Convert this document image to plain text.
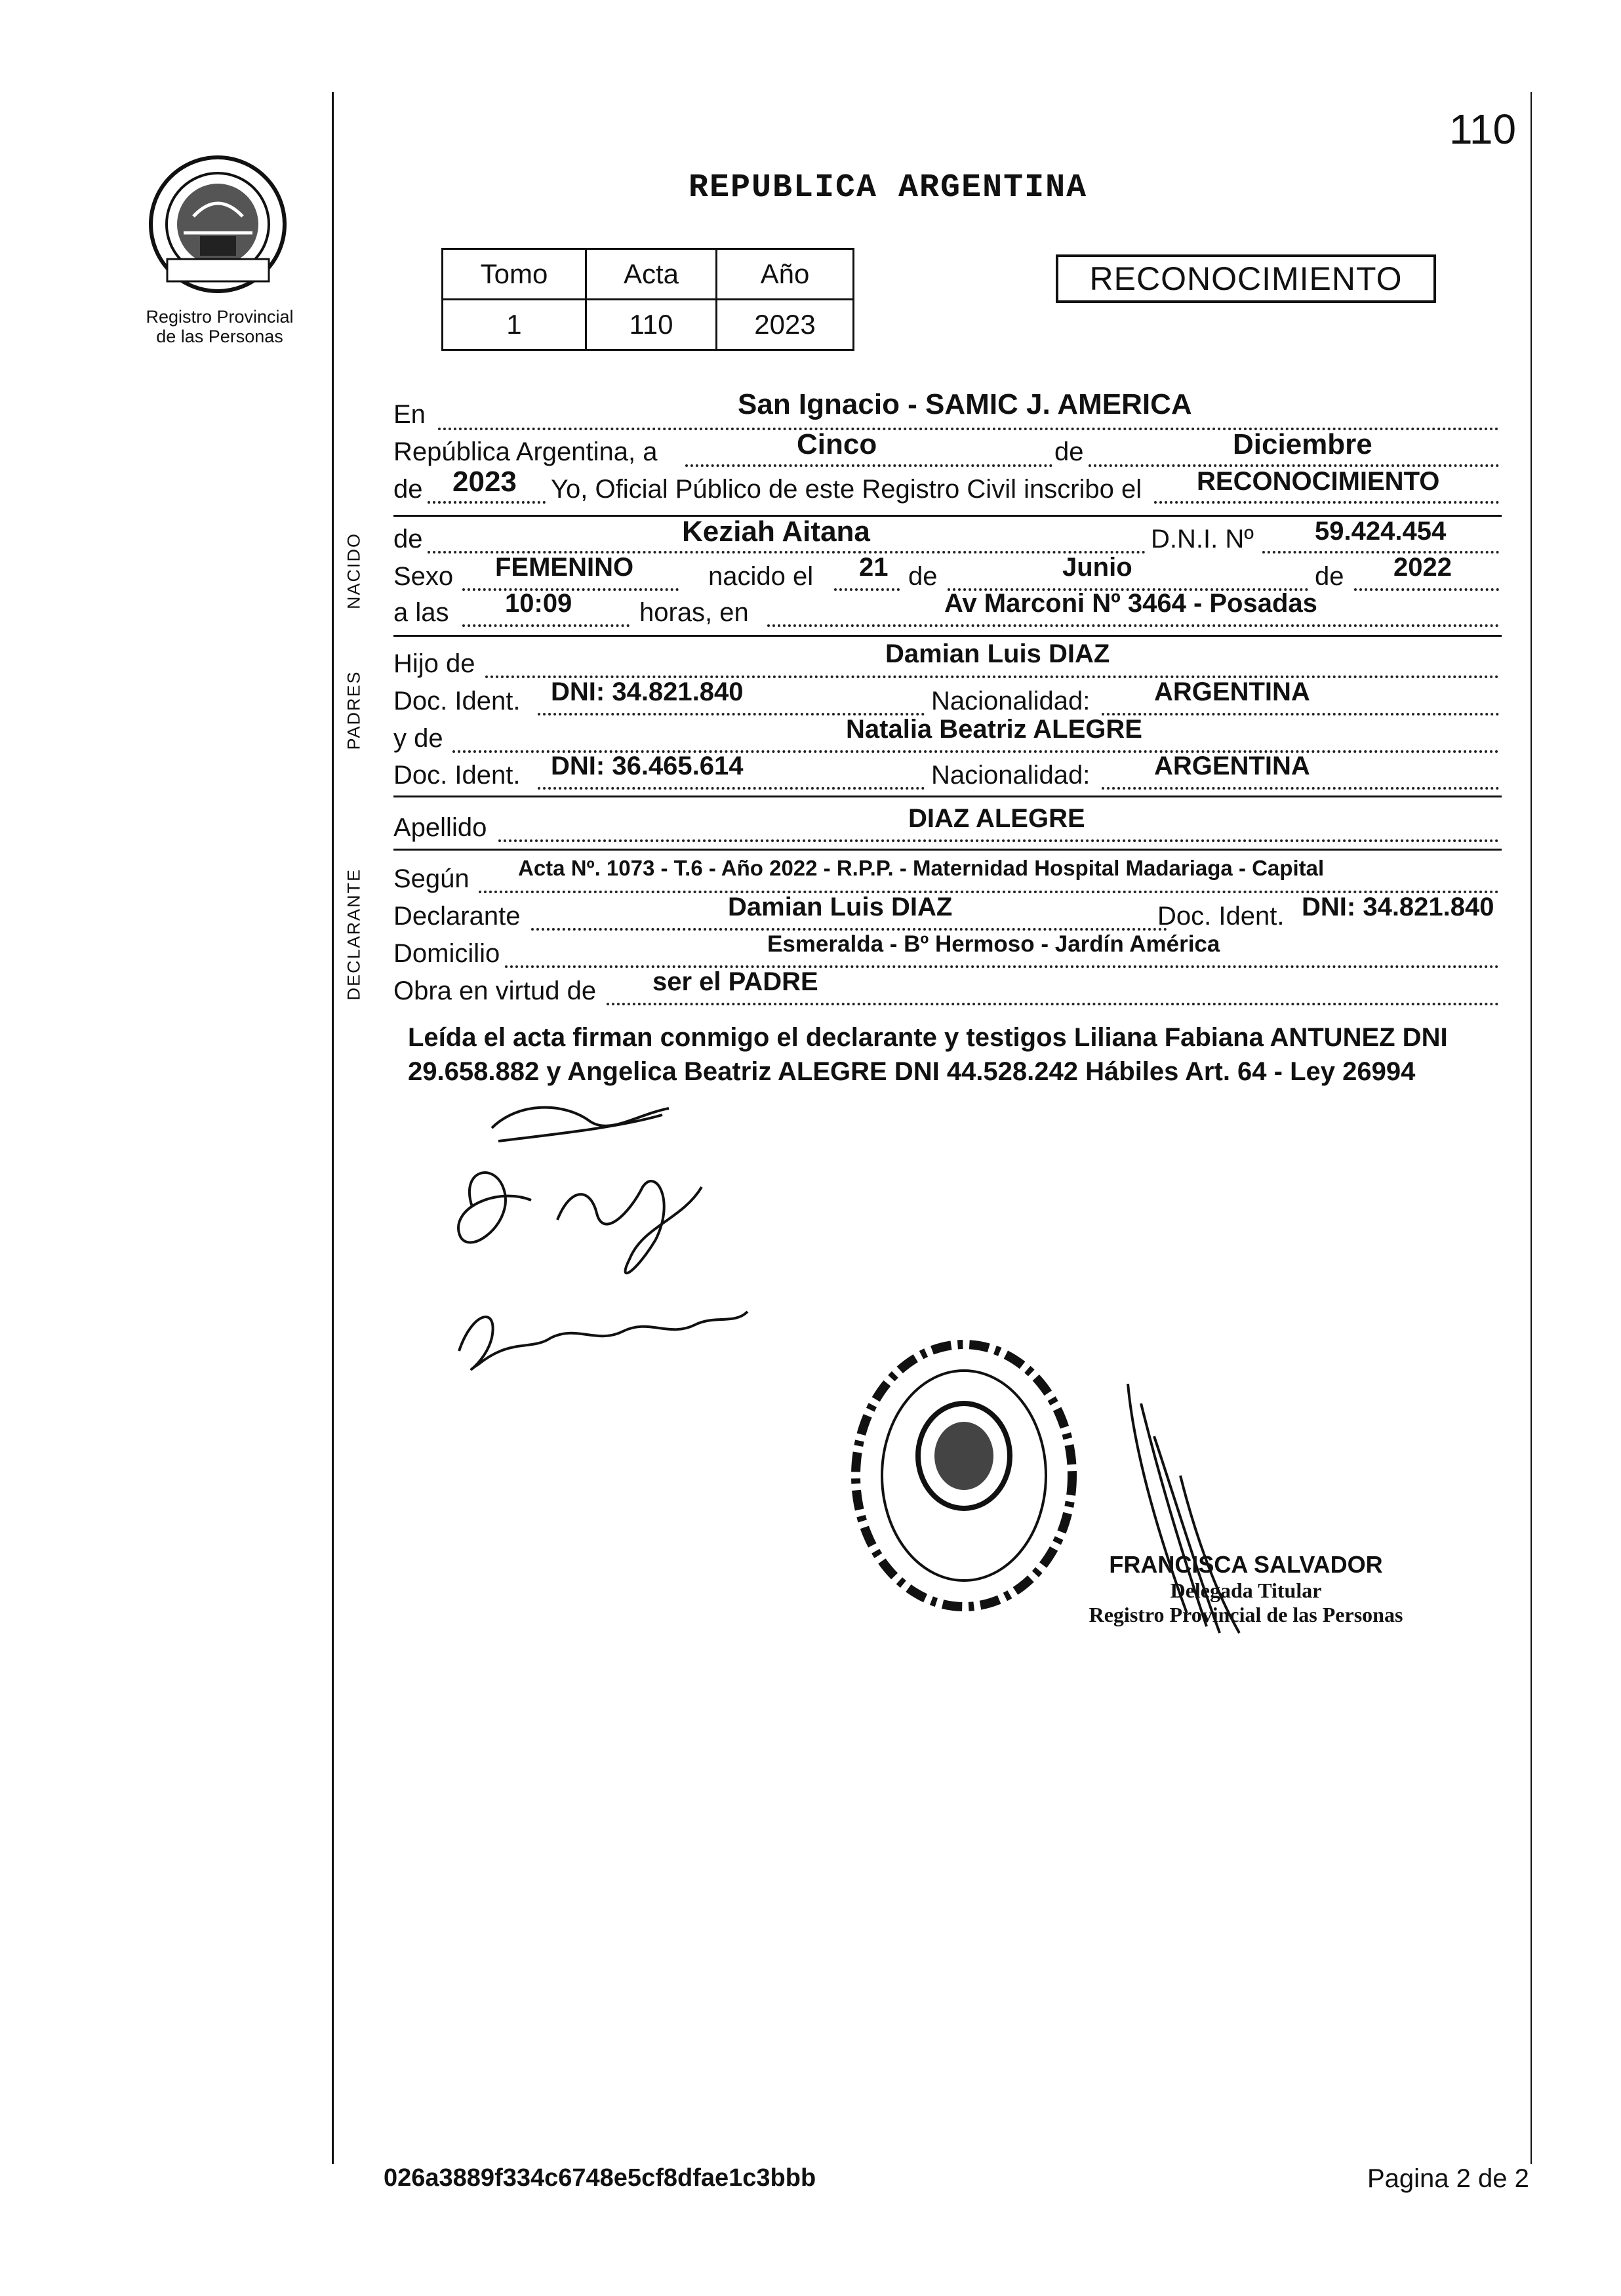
110
Registro Provincial
de las Personas
REPUBLICA ARGENTINA
Tomo	Acta	Año
1	110	2023
RECONOCIMIENTO
En	San Ignacio - SAMIC J. AMERICA
República Argentina, a	Cinco	de	Diciembre
de 2023 Yo, Oficial Público de este Registro Civil inscribo el RECONOCIMIENTO
NACIDO de	Keziah Aitana	D.N.I. Nº 59.424.454
Sexo FEMENINO	nacido el 21 de	Junio	de 2022
a las 10:09	horas, en	Av Marconi Nº 3464 - Posadas
PADRES
Hijo de	Damian Luis DIAZ
Doc. Ident. DNI: 34.821.840	Nacionalidad: ARGENTINA
y de	Natalia Beatriz ALEGRE
Doc. Ident. DNI: 36.465.614	Nacionalidad: ARGENTINA
Apellido	DIAZ ALEGRE
DECLARANTE Según Acta Nº. 1073 - T.6 - Año 2022 - R.P.P. - Maternidad Hospital Madariaga - Capital
Declarante	Damian Luis DIAZ	Doc. Ident. DNI: 34.821.840
Domicilio	Esmeralda - Bº Hermoso - Jardín América
Obra en virtud de ser el PADRE
Leída el acta firman conmigo el declarante y testigos Liliana Fabiana ANTUNEZ DNI 29.658.882 y Angelica Beatriz ALEGRE DNI 44.528.242 Hábiles Art. 64 - Ley 26994
FRANCISCA SALVADOR
Delegada Titular
Registro Provincial de las Personas
026a3889f334c6748e5cf8dfae1c3bbb	Pagina 2 de 2
